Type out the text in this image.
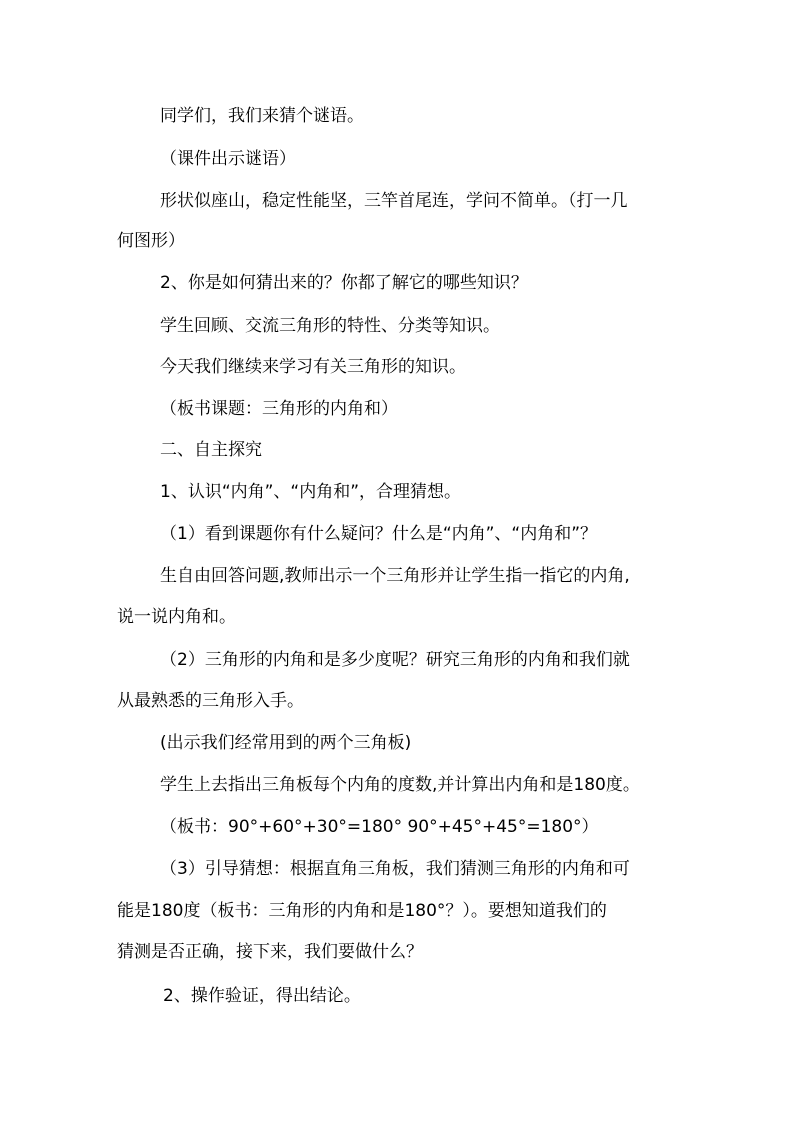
同学们，我们来猜个谜语。
（课件出示谜语）
形状似座山，稳定性能坚，三竿首尾连，学问不简单。（打一几
何图形）
2、你是如何猜出来的？你都了解它的哪些知识？
学生回顾、交流三角形的特性、分类等知识。
今天我们继续来学习有关三角形的知识。
（板书课题：三角形的内角和）
二、自主探究
1、认识“内角”、“内角和”，合理猜想。
（1）看到课题你有什么疑问？什么是“内角”、“内角和”？
生自由回答问题,教师出示一个三角形并让学生指一指它的内角,
说一说内角和。
（2）三角形的内角和是多少度呢？研究三角形的内角和我们就
从最熟悉的三角形入手。
(出示我们经常用到的两个三角板)
学生上去指出三角板每个内角的度数,并计算出内角和是180度。
（板书：90°+60°+30°=180° 90°+45°+45°=180°）
（3）引导猜想：根据直角三角板，我们猜测三角形的内角和可
能是180度（板书：三角形的内角和是180°？）。要想知道我们的
猜测是否正确，接下来，我们要做什么？
2、操作验证，得出结论。
